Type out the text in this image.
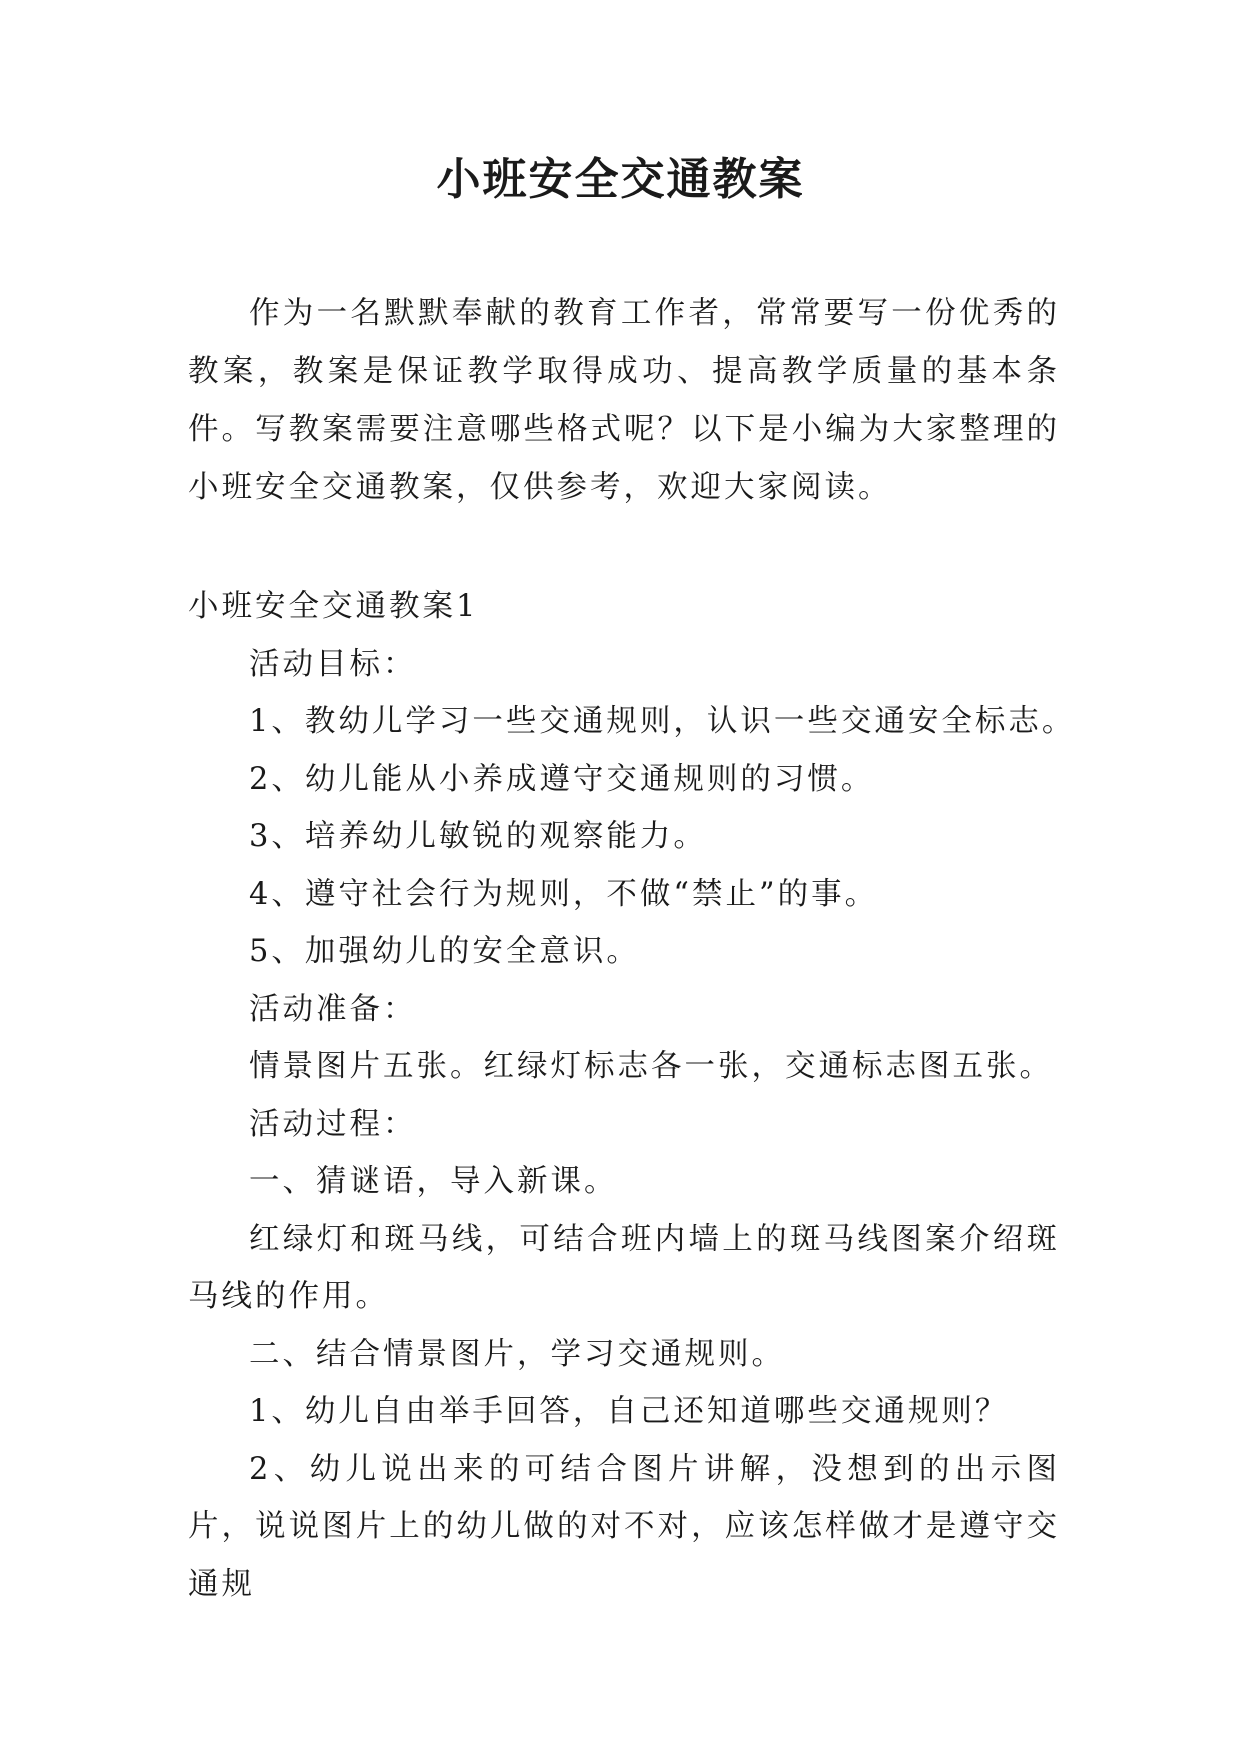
小班安全交通教案

作为一名默默奉献的教育工作者，常常要写一份优秀的教案，教案是保证教学取得成功、提高教学质量的基本条件。写教案需要注意哪些格式呢？以下是小编为大家整理的小班安全交通教案，仅供参考，欢迎大家阅读。

小班安全交通教案1

活动目标：

1、教幼儿学习一些交通规则，认识一些交通安全标志。

2、幼儿能从小养成遵守交通规则的习惯。

3、培养幼儿敏锐的观察能力。

4、遵守社会行为规则，不做“禁止”的事。

5、加强幼儿的安全意识。

活动准备：

情景图片五张。红绿灯标志各一张，交通标志图五张。

活动过程：

一、猜谜语，导入新课。

红绿灯和斑马线，可结合班内墙上的斑马线图案介绍斑马线的作用。

二、结合情景图片，学习交通规则。

1、幼儿自由举手回答，自己还知道哪些交通规则？

2、幼儿说出来的可结合图片讲解，没想到的出示图片，说说图片上的幼儿做的对不对，应该怎样做才是遵守交通规
